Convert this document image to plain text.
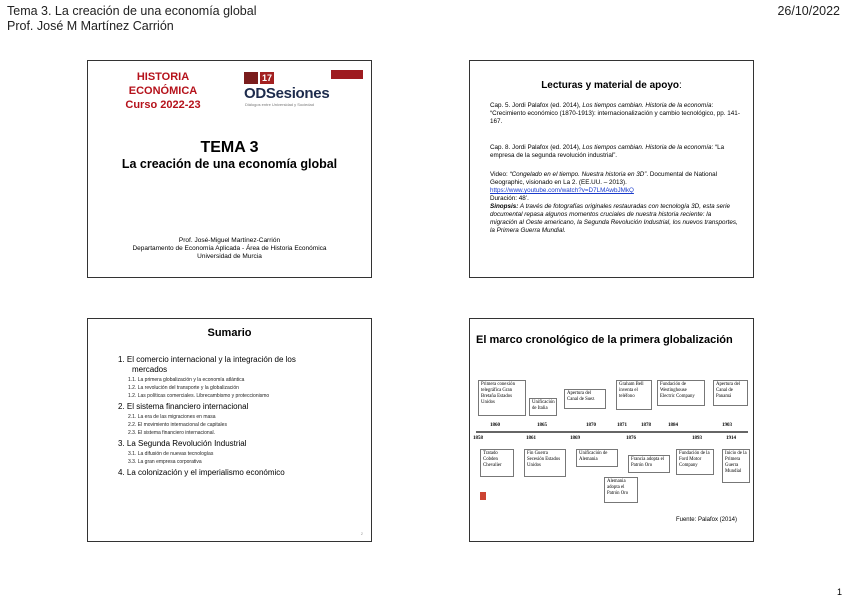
Tema 3. La creación de una economía global
Prof. José M Martínez Carrión
26/10/2022
HISTORIA ECONÓMICA
Curso 2022-23
17
ODSesiones
Diálogos entre Universidad y Sociedad
TEMA 3
La creación de una economía global
Prof. José-Miguel Martínez-Carrión
Departamento de Economía Aplicada - Área de Historia Económica
Universidad de Murcia
Lecturas y material de apoyo:
Cap. 5. Jordi Palafox (ed. 2014), Los tiempos cambian. Historia de la economía: “Crecimiento económico (1870-1913): internacionalización y cambio tecnológico, pp. 141-167.
Cap. 8. Jordi Palafox (ed. 2014), Los tiempos cambian. Historia de la economía: “La empresa de la segunda revolución industrial”.
Video: “Congelado en el tiempo. Nuestra historia en 3D”. Documental de National Geographic, visionado en La 2. (EE.UU. – 2013).
https://www.youtube.com/watch?v=D7LMAwbJMkQ
Duración: 48’.
Sinopsis: A través de fotografías originales restauradas con tecnología 3D, esta serie documental repasa algunos momentos cruciales de nuestra historia reciente: la migración al Oeste americano, la Segunda Revolución Industrial, los nuevos transportes, la Primera Guerra Mundial.
Sumario
1. El comercio internacional y la integración de los
mercados
1.1. La primera globalización y la economía atlántica
1.2. La revolución del transporte y la globalización
1.2. Las políticas comerciales. Librecambismo y proteccionismo
2. El sistema financiero internacional
2.1. La era de las migraciones en masa
2.2. El movimiento internacional de capitales
2.3. El sistema financiero internacional.
3. La Segunda Revolución Industrial
3.1. La difusión de nuevas tecnologías
3.3. La gran empresa corporativa
4. La colonización y el imperialismo económico
2
El marco cronológico de la primera globalización
Primera conexión telegráfica Gran Bretaña Estados Unidos	Unificación de Italia
Apertura del Canal de Suez
Graham Bell inventa el teléfono
Fundación de Westinghouse Electric Company
Apertura del Canal de Panamá
1860	1865	1870	1871	1878	1884	1903
1858	1861	1869	1876	1893	1914
Tratado Cobden Chevalier
Fin Guerra Secesión Estados Unidos
Unificación de Alemania	Francia adopta el Patrón Oro
Fundación de la Ford Motor Company
Inicio de la Primera Guerra Mundial
Alemania adopta el Patrón Oro
Fuente: Palafox (2014)
1
